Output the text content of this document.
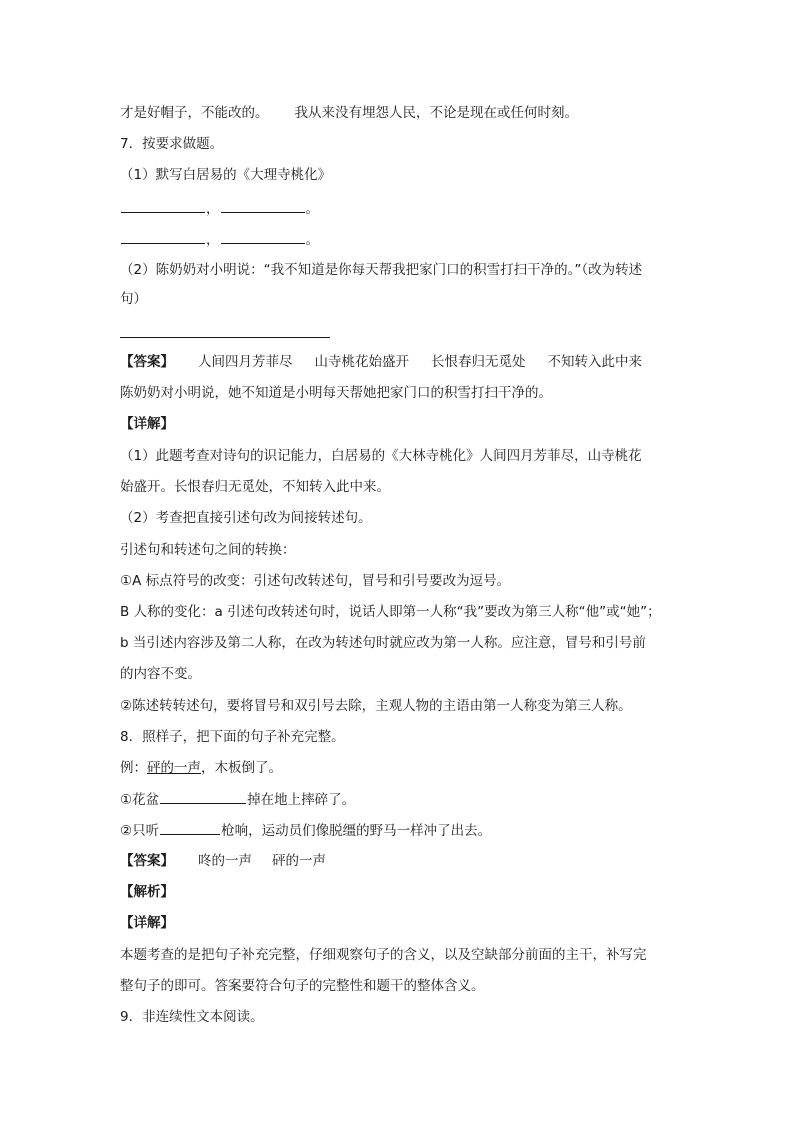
才是好帽子，不能改的。 我从来没有埋怨人民，不论是现在或任何时刻。
7．按要求做题。
（1）默写白居易的《大理寺桃化》
，	。
，	。
（2）陈奶奶对小明说：“我不知道是你每天帮我把家门口的积雪打扫干净的。”（改为转述
句）
【答案】 人间四月芳菲尽 山寺桃花始盛开 长恨春归无觅处 不知转入此中来
陈奶奶对小明说，她不知道是小明每天帮她把家门口的积雪打扫干净的。
【详解】
（1）此题考查对诗句的识记能力，白居易的《大林寺桃化》人间四月芳菲尽，山寺桃花
始盛开。长恨春归无觅处，不知转入此中来。
（2）考查把直接引述句改为间接转述句。
引述句和转述句之间的转换：
①A 标点符号的改变：引述句改转述句，冒号和引号要改为逗号。
B 人称的变化：a 引述句改转述句时，说话人即第一人称“我”要改为第三人称“他”或“她”；
b 当引述内容涉及第二人称，在改为转述句时就应改为第一人称。应注意，冒号和引号前
的内容不变。
②陈述转转述句，要将冒号和双引号去除，主观人物的主语由第一人称变为第三人称。
8．照样子，把下面的句子补充完整。
例：砰的一声，木板倒了。
①花盆	掉在地上摔碎了。
②只听	枪响，运动员们像脱缰的野马一样冲了出去。
【答案】 咚的一声 砰的一声
【解析】
【详解】
本题考查的是把句子补充完整，仔细观察句子的含义，以及空缺部分前面的主干，补写完
整句子的即可。答案要符合句子的完整性和题干的整体含义。
9．非连续性文本阅读。
